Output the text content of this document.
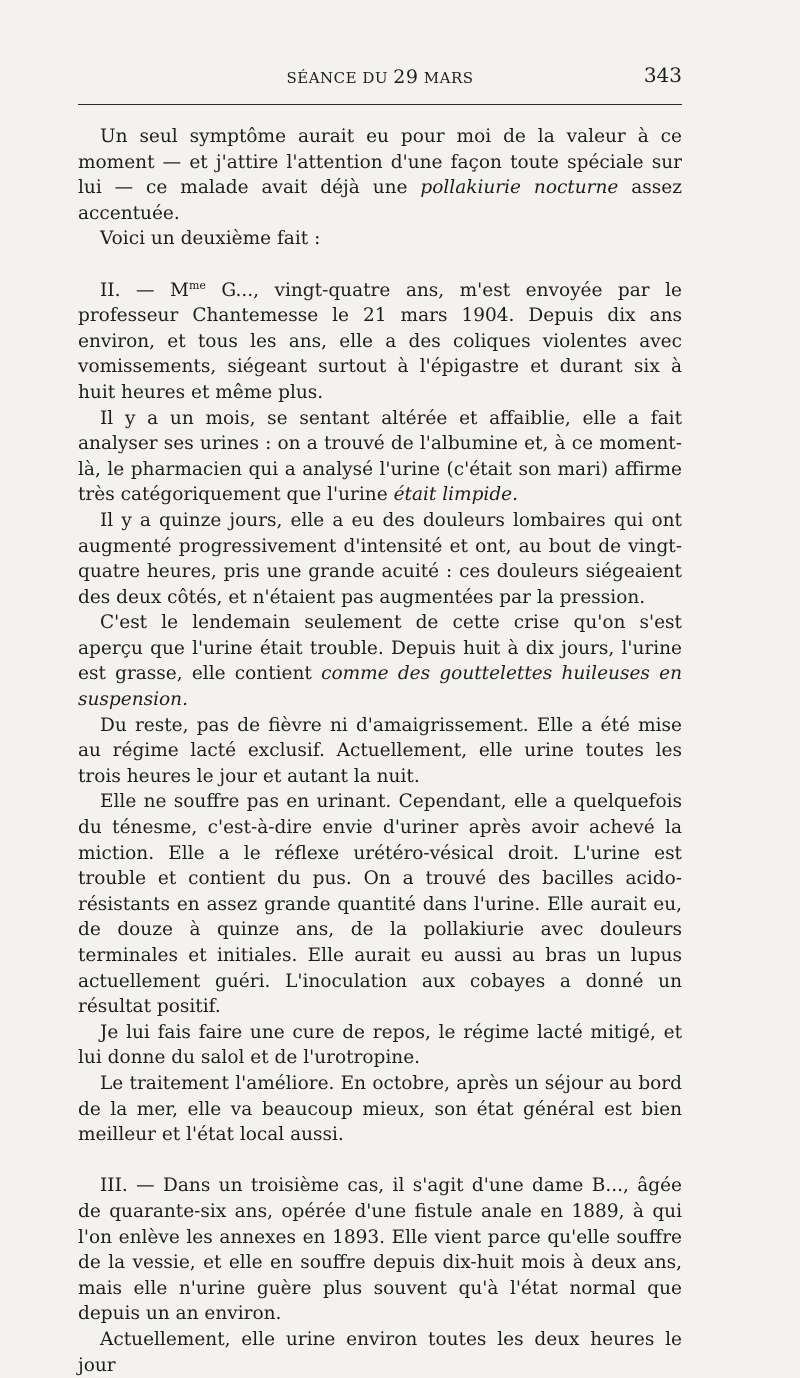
SÉANCE DU 29 MARS	343

Un seul symptôme aurait eu pour moi de la valeur à ce moment — et j'attire l'attention d'une façon toute spéciale sur lui — ce malade avait déjà une pollakiurie nocturne assez accentuée.

Voici un deuxième fait :

II. — $M^{me}$ G..., vingt-quatre ans, m'est envoyée par le professeur Chantemesse le 21 mars 1904. Depuis dix ans environ, et tous les ans, elle a des coliques violentes avec vomissements, siégeant surtout à l'épigastre et durant six à huit heures et même plus.

Il y a un mois, se sentant altérée et affaiblie, elle a fait analyser ses urines : on a trouvé de l'albumine et, à ce moment-là, le pharmacien qui a analysé l'urine (c'était son mari) affirme très catégoriquement que l'urine était limpide.

Il y a quinze jours, elle a eu des douleurs lombaires qui ont augmenté progressivement d'intensité et ont, au bout de vingt-quatre heures, pris une grande acuité : ces douleurs siégeaient des deux côtés, et n'étaient pas augmentées par la pression.

C'est le lendemain seulement de cette crise qu'on s'est aperçu que l'urine était trouble. Depuis huit à dix jours, l'urine est grasse, elle contient comme des gouttelettes huileuses en suspension.

Du reste, pas de fièvre ni d'amaigrissement. Elle a été mise au régime lacté exclusif. Actuellement, elle urine toutes les trois heures le jour et autant la nuit.

Elle ne souffre pas en urinant. Cependant, elle a quelquefois du ténesme, c'est-à-dire envie d'uriner après avoir achevé la miction. Elle a le réflexe urétéro-vésical droit. L'urine est trouble et contient du pus. On a trouvé des bacilles acido-résistants en assez grande quantité dans l'urine. Elle aurait eu, de douze à quinze ans, de la pollakiurie avec douleurs terminales et initiales. Elle aurait eu aussi au bras un lupus actuellement guéri. L'inoculation aux cobayes a donné un résultat positif.

Je lui fais faire une cure de repos, le régime lacté mitigé, et lui donne du salol et de l'urotropine.

Le traitement l'améliore. En octobre, après un séjour au bord de la mer, elle va beaucoup mieux, son état général est bien meilleur et l'état local aussi.

III. — Dans un troisième cas, il s'agit d'une dame B..., âgée de quarante-six ans, opérée d'une fistule anale en 1889, à qui l'on enlève les annexes en 1893. Elle vient parce qu'elle souffre de la vessie, et elle en souffre depuis dix-huit mois à deux ans, mais elle n'urine guère plus souvent qu'à l'état normal que depuis un an environ.

Actuellement, elle urine environ toutes les deux heures le jour
